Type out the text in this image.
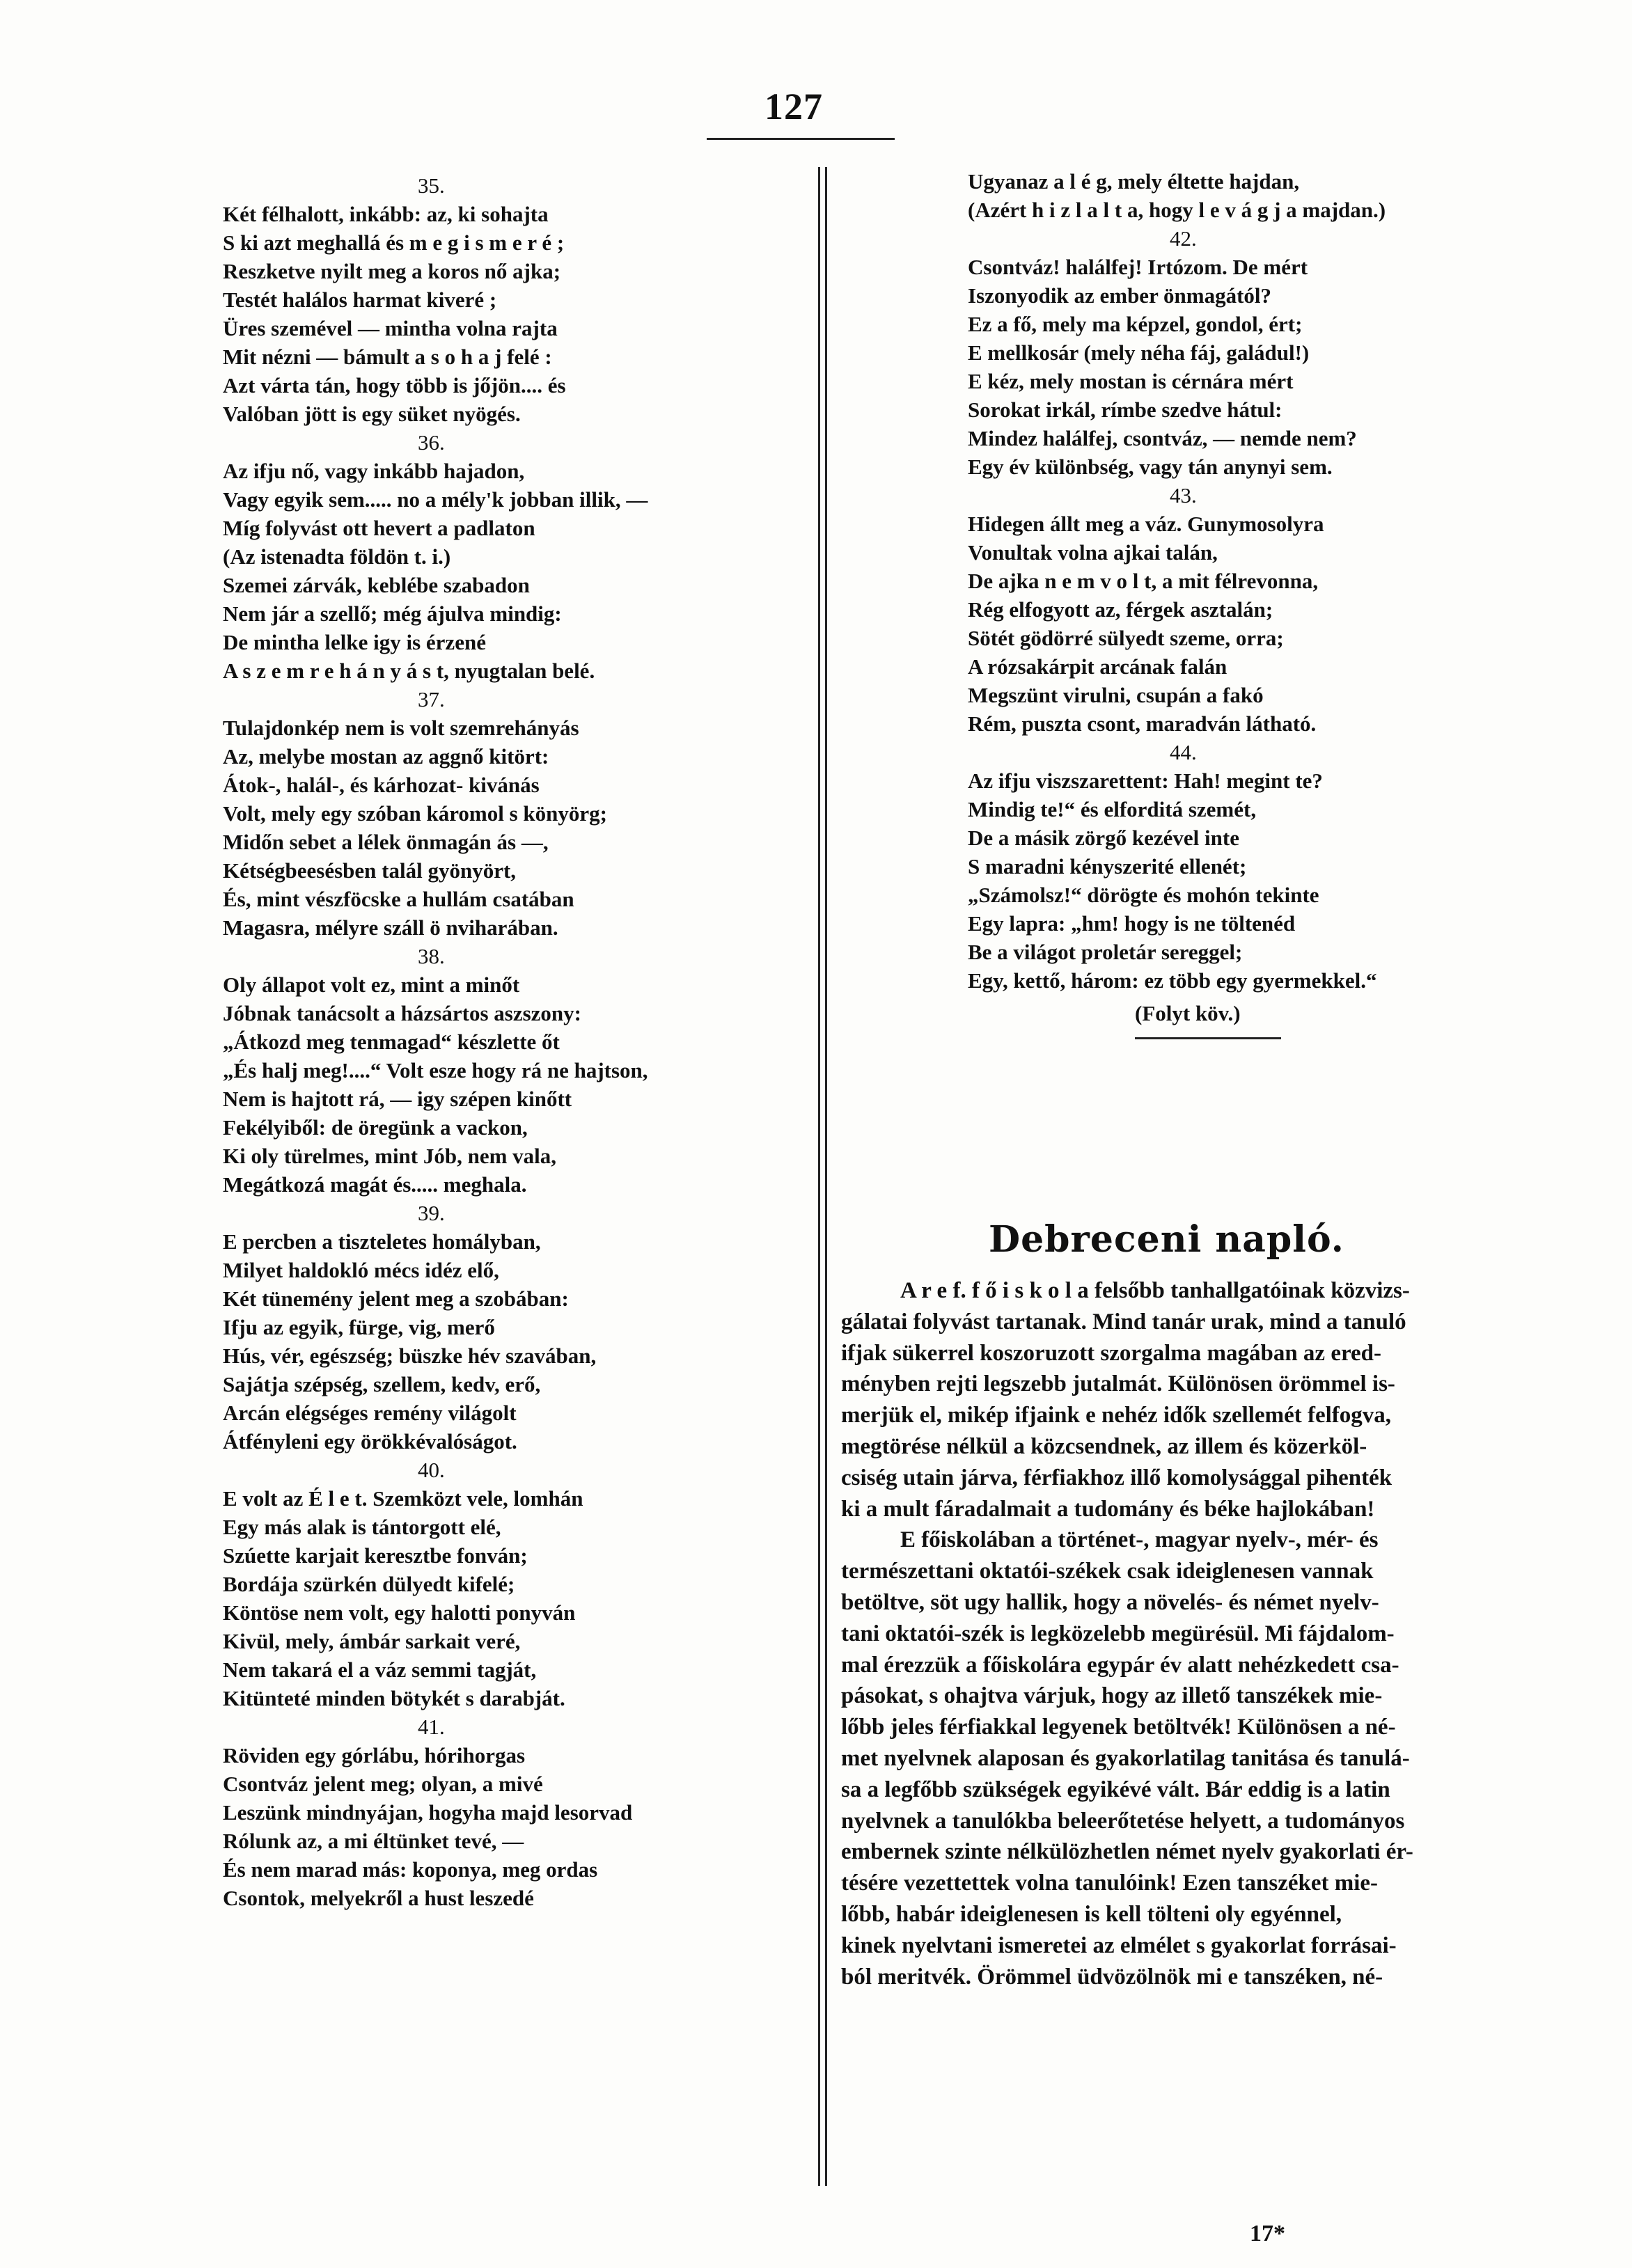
127
35.
Két félhalott, inkább: az, ki sohajta
S ki azt meghallá és m e g i s m e r é ;
Reszketve nyilt meg a koros nő ajka;
Testét halálos harmat kiveré ;
Üres szemével — mintha volna rajta
Mit nézni — bámult a s o h a j felé :
Azt várta tán, hogy több is jőjön.... és
Valóban jött is egy süket nyögés.
36.
Az ifju nő, vagy inkább hajadon,
Vagy egyik sem..... no a mély'k jobban illik, —
Míg folyvást ott hevert a padlaton
(Az istenadta földön t. i.)
Szemei zárvák, keblébe szabadon
Nem jár a szellő; még ájulva mindig:
De mintha lelke igy is érzené
A s z e m r e h á n y á s t, nyugtalan belé.
37.
Tulajdonkép nem is volt szemrehányás
Az, melybe mostan az aggnő kitört:
Átok-, halál-, és kárhozat- kivánás
Volt, mely egy szóban káromol s könyörg;
Midőn sebet a lélek önmagán ás —,
Kétségbeesésben talál gyönyört,
És, mint vészföcske a hullám csatában
Magasra, mélyre száll ö nviharában.
38.
Oly állapot volt ez, mint a minőt
Jóbnak tanácsolt a házsártos aszszony:
„Átkozd meg tenmagad“ készlette őt
„És halj meg!....“ Volt esze hogy rá ne hajtson,
Nem is hajtott rá, — igy szépen kinőtt
Fekélyiből: de öregünk a vackon,
Ki oly türelmes, mint Jób, nem vala,
Megátkozá magát és..... meghala.
39.
E percben a tiszteletes homályban,
Milyet haldokló mécs idéz elő,
Két tünemény jelent meg a szobában:
Ifju az egyik, fürge, vig, merő
Hús, vér, egészség; büszke hév szavában,
Sajátja szépség, szellem, kedv, erő,
Arcán elégséges remény világolt
Átfényleni egy örökkévalóságot.
40.
E volt az É l e t. Szemközt vele, lomhán
Egy más alak is tántorgott elé,
Szúette karjait keresztbe fonván;
Bordája szürkén dülyedt kifelé;
Köntöse nem volt, egy halotti ponyván
Kivül, mely, ámbár sarkait veré,
Nem takará el a váz semmi tagját,
Kitünteté minden bötykét s darabját.
41.
Röviden egy górlábu, hórihorgas
Csontváz jelent meg; olyan, a mivé
Leszünk mindnyájan, hogyha majd lesorvad
Rólunk az, a mi éltünket tevé, —
És nem marad más: koponya, meg ordas
Csontok, melyekről a hust leszedé
Ugyanaz a l é g, mely éltette hajdan,
(Azért h i z l a l t a, hogy l e v á g j a majdan.)
42.
Csontváz! halálfej! Irtózom. De mért
Iszonyodik az ember önmagától?
Ez a fő, mely ma képzel, gondol, ért;
E mellkosár (mely néha fáj, galádul!)
E kéz, mely mostan is cérnára mért
Sorokat irkál, rímbe szedve hátul:
Mindez halálfej, csontváz, — nemde nem?
Egy év különbség, vagy tán anynyi sem.
43.
Hidegen állt meg a váz. Gunymosolyra
Vonultak volna ajkai talán,
De ajka n e m v o l t, a mit félrevonna,
Rég elfogyott az, férgek asztalán;
Sötét gödörré sülyedt szeme, orra;
A rózsakárpit arcának falán
Megszünt virulni, csupán a fakó
Rém, puszta csont, maradván látható.
44.
Az ifju viszszarettent: Hah! megint te?
Mindig te!“ és elforditá szemét,
De a másik zörgő kezével inte
S maradni kényszerité ellenét;
„Számolsz!“ dörögte és mohón tekinte
Egy lapra: „hm! hogy is ne töltenéd
Be a világot proletár sereggel;
Egy, kettő, három: ez több egy gyermekkel.“
(Folyt köv.)
Debreceni napló.
A r e f. f ő i s k o l a felsőbb tanhallgatóinak közvizs-
gálatai folyvást tartanak. Mind tanár urak, mind a tanuló
ifjak sükerrel koszoruzott szorgalma magában az ered-
ményben rejti legszebb jutalmát. Különösen örömmel is-
merjük el, mikép ifjaink e nehéz idők szellemét felfogva,
megtörése nélkül a közcsendnek, az illem és közerköl-
csiség utain járva, férfiakhoz illő komolysággal pihenték
ki a mult fáradalmait a tudomány és béke hajlokában!
E főiskolában a történet-, magyar nyelv-, mér- és
természettani oktatói-székek csak ideiglenesen vannak
betöltve, söt ugy hallik, hogy a növelés- és német nyelv-
tani oktatói-szék is legközelebb megürésül. Mi fájdalom-
mal érezzük a főiskolára egypár év alatt nehézkedett csa-
pásokat, s ohajtva várjuk, hogy az illető tanszékek mie-
lőbb jeles férfiakkal legyenek betöltvék! Különösen a né-
met nyelvnek alaposan és gyakorlatilag tanitása és tanulá-
sa a legfőbb szükségek egyikévé vált. Bár eddig is a latin
nyelvnek a tanulókba beleerőtetése helyett, a tudományos
embernek szinte nélkülözhetlen német nyelv gyakorlati ér-
tésére vezettettek volna tanulóink! Ezen tanszéket mie-
lőbb, habár ideiglenesen is kell tölteni oly egyénnel,
kinek nyelvtani ismeretei az elmélet s gyakorlat forrásai-
ból meritvék. Örömmel üdvözölnök mi e tanszéken, né-
17*
